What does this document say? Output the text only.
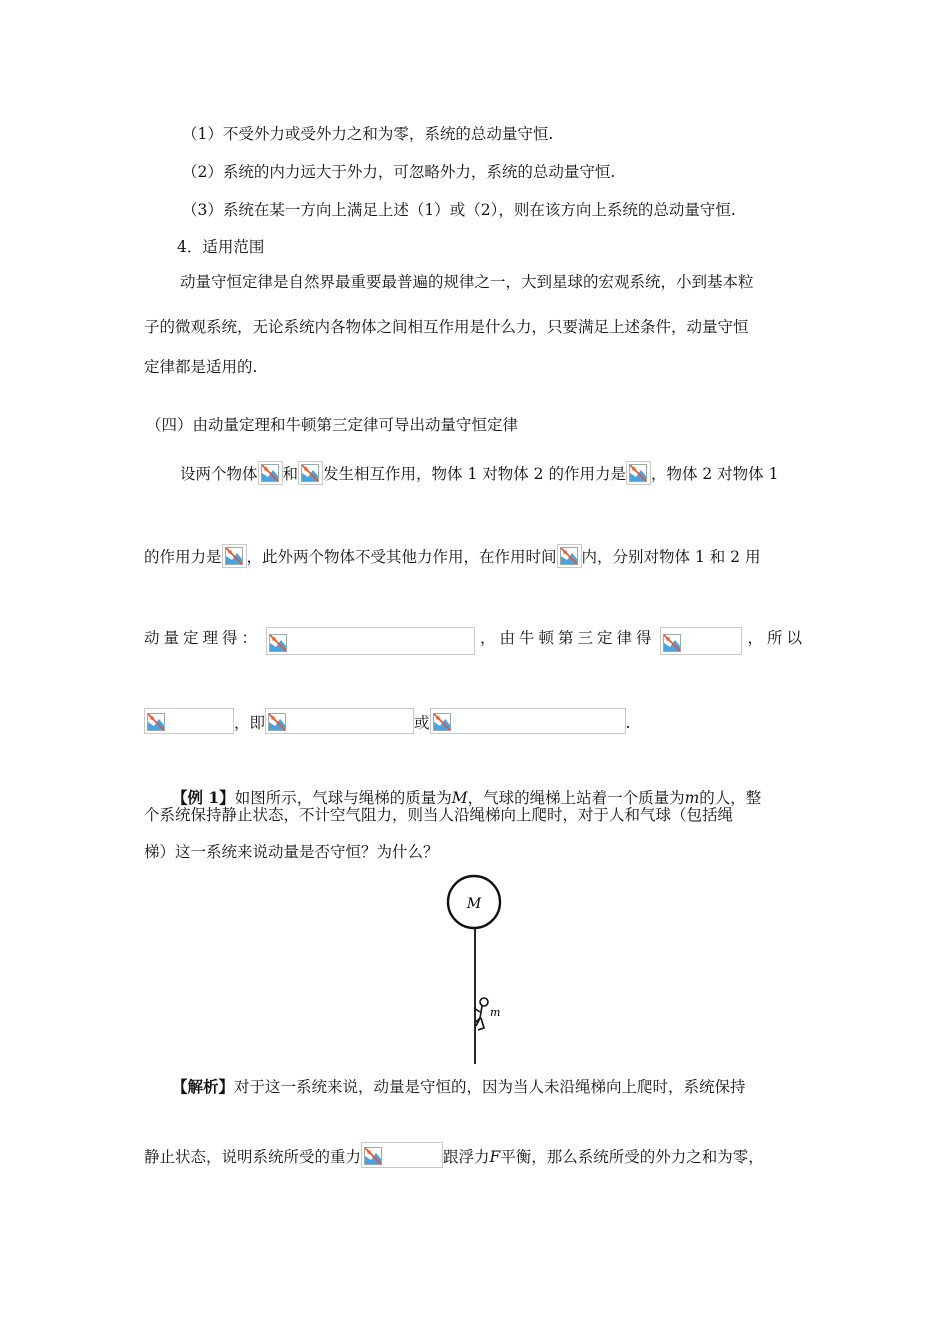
（1）不受外力或受外力之和为零，系统的总动量守恒.
（2）系统的内力远大于外力，可忽略外力，系统的总动量守恒.
（3）系统在某一方向上满足上述（1）或（2），则在该方向上系统的总动量守恒.
4．适用范围
动量守恒定律是自然界最重要最普遍的规律之一，大到星球的宏观系统，小到基本粒
子的微观系统，无论系统内各物体之间相互作用是什么力，只要满足上述条件，动量守恒
定律都是适用的.
（四）由动量定理和牛顿第三定律可导出动量守恒定律
设两个物体 和 发生相互作用，物体 1 对物体 2 的作用力是 ，物体 2 对物体 1
的作用力是 ，此外两个物体不受其他力作用，在作用时间 内，分别对物体 1 和 2 用
动量定理得：	，由牛顿第三定律得	，所以
，即	或	.
【例 1】如图所示，气球与绳梯的质量为M，气球的绳梯上站着一个质量为m的人，整
个系统保持静止状态，不计空气阻力，则当人沿绳梯向上爬时，对于人和气球（包括绳
梯）这一系统来说动量是否守恒？为什么？
M
m
【解析】对于这一系统来说，动量是守恒的，因为当人未沿绳梯向上爬时，系统保持
静止状态，说明系统所受的重力	跟浮力F平衡，那么系统所受的外力之和为零，
